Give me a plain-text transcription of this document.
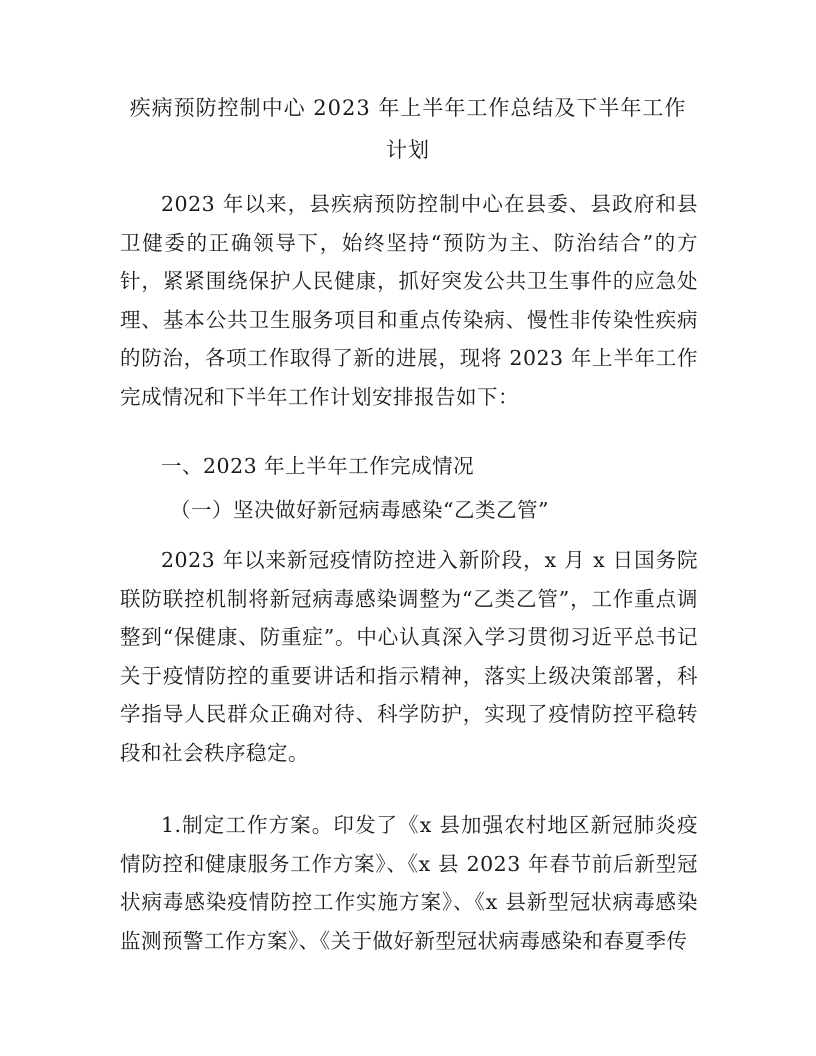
疾病预防控制中心 2023 年上半年工作总结及下半年工作计划

2023 年以来，县疾病预防控制中心在县委、县政府和县卫健委的正确领导下，始终坚持“预防为主、防治结合”的方针，紧紧围绕保护人民健康，抓好突发公共卫生事件的应急处理、基本公共卫生服务项目和重点传染病、慢性非传染性疾病的防治，各项工作取得了新的进展，现将 2023 年上半年工作完成情况和下半年工作计划安排报告如下：

一、2023 年上半年工作完成情况

（一）坚决做好新冠病毒感染“乙类乙管”

2023 年以来新冠疫情防控进入新阶段，x 月 x 日国务院联防联控机制将新冠病毒感染调整为“乙类乙管”，工作重点调整到“保健康、防重症”。中心认真深入学习贯彻习近平总书记关于疫情防控的重要讲话和指示精神，落实上级决策部署，科学指导人民群众正确对待、科学防护，实现了疫情防控平稳转段和社会秩序稳定。

1.制定工作方案。印发了《x 县加强农村地区新冠肺炎疫情防控和健康服务工作方案》、《x 县 2023 年春节前后新型冠状病毒感染疫情防控工作实施方案》、《x 县新型冠状病毒感染监测预警工作方案》、《关于做好新型冠状病毒感染和春夏季传
